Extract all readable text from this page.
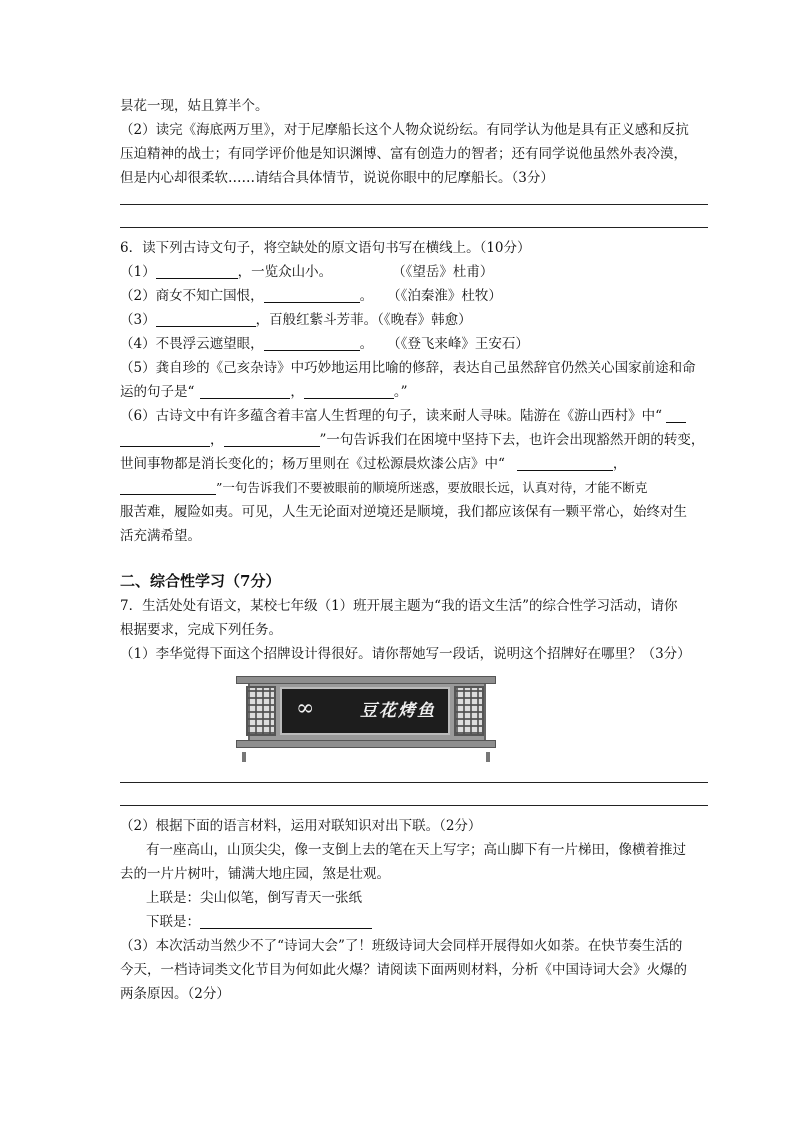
昙花一现，姑且算半个。
（2）读完《海底两万里》，对于尼摩船长这个人物众说纷纭。有同学认为他是具有正义感和反抗
压迫精神的战士；有同学评价他是知识渊博、富有创造力的智者；还有同学说他虽然外表冷漠，
但是内心却很柔软……请结合具体情节，说说你眼中的尼摩船长。（3分）
6．读下列古诗文句子，将空缺处的原文语句书写在横线上。（10分）
（1）	，一览众山小。	（《望岳》杜甫）
（2）商女不知亡国恨，	。 （《泊秦淮》杜牧）
（3）	，百般红紫斗芳菲。（《晚春》韩愈）
（4）不畏浮云遮望眼，	。 （《登飞来峰》王安石）
（5）龚自珍的《己亥杂诗》中巧妙地运用比喻的修辞，表达自己虽然辞官仍然关心国家前途和命
运的句子是“	，	。”
（6）古诗文中有许多蕴含着丰富人生哲理的句子，读来耐人寻味。陆游在《游山西村》中“
，	”一句告诉我们在困境中坚持下去，也许会出现豁然开朗的转变，
世间事物都是消长变化的；杨万里则在《过松源晨炊漆公店》中“	，
”一句告诉我们不要被眼前的顺境所迷惑，要放眼长远，认真对待，才能不断克
服苦难，履险如夷。可见，人生无论面对逆境还是顺境，我们都应该保有一颗平常心，始终对生
活充满希望。
二、综合性学习（7分）
7．生活处处有语文，某校七年级（1）班开展主题为“我的语文生活”的综合性学习活动，请你
根据要求，完成下列任务。
（1）李华觉得下面这个招牌设计得很好。请你帮她写一段话，说明这个招牌好在哪里？（3分）
∞	豆花烤鱼
（2）根据下面的语言材料，运用对联知识对出下联。（2分）
有一座高山，山顶尖尖，像一支倒上去的笔在天上写字；高山脚下有一片梯田，像横着推过
去的一片片树叶，铺满大地庄园，煞是壮观。
上联是：尖山似笔，倒写青天一张纸
下联是：
（3）本次活动当然少不了“诗词大会”了！班级诗词大会同样开展得如火如荼。在快节奏生活的
今天，一档诗词类文化节目为何如此火爆？请阅读下面两则材料，分析《中国诗词大会》火爆的
两条原因。（2分）
